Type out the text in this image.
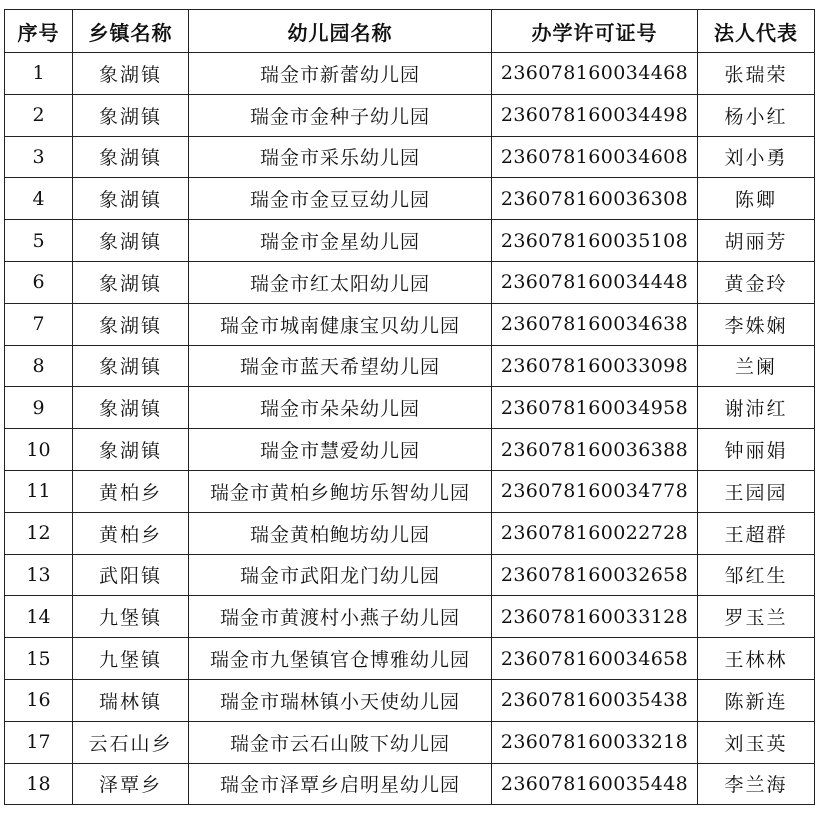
序号	乡镇名称	幼儿园名称	办学许可证号	法人代表
1	象湖镇	瑞金市新蕾幼儿园	236078160034468	张瑞荣
2	象湖镇	瑞金市金种子幼儿园	236078160034498	杨小红
3	象湖镇	瑞金市采乐幼儿园	236078160034608	刘小勇
4	象湖镇	瑞金市金豆豆幼儿园	236078160036308	陈卿
5	象湖镇	瑞金市金星幼儿园	236078160035108	胡丽芳
6	象湖镇	瑞金市红太阳幼儿园	236078160034448	黄金玲
7	象湖镇	瑞金市城南健康宝贝幼儿园	236078160034638	李姝娴
8	象湖镇	瑞金市蓝天希望幼儿园	236078160033098	兰阑
9	象湖镇	瑞金市朵朵幼儿园	236078160034958	谢沛红
10	象湖镇	瑞金市慧爱幼儿园	236078160036388	钟丽娟
11	黄柏乡	瑞金市黄柏乡鲍坊乐智幼儿园	236078160034778	王园园
12	黄柏乡	瑞金黄柏鲍坊幼儿园	236078160022728	王超群
13	武阳镇	瑞金市武阳龙门幼儿园	236078160032658	邹红生
14	九堡镇	瑞金市黄渡村小燕子幼儿园	236078160033128	罗玉兰
15	九堡镇	瑞金市九堡镇官仓博雅幼儿园	236078160034658	王林林
16	瑞林镇	瑞金市瑞林镇小天使幼儿园	236078160035438	陈新连
17	云石山乡	瑞金市云石山陂下幼儿园	236078160033218	刘玉英
18	泽覃乡	瑞金市泽覃乡启明星幼儿园	236078160035448	李兰海
